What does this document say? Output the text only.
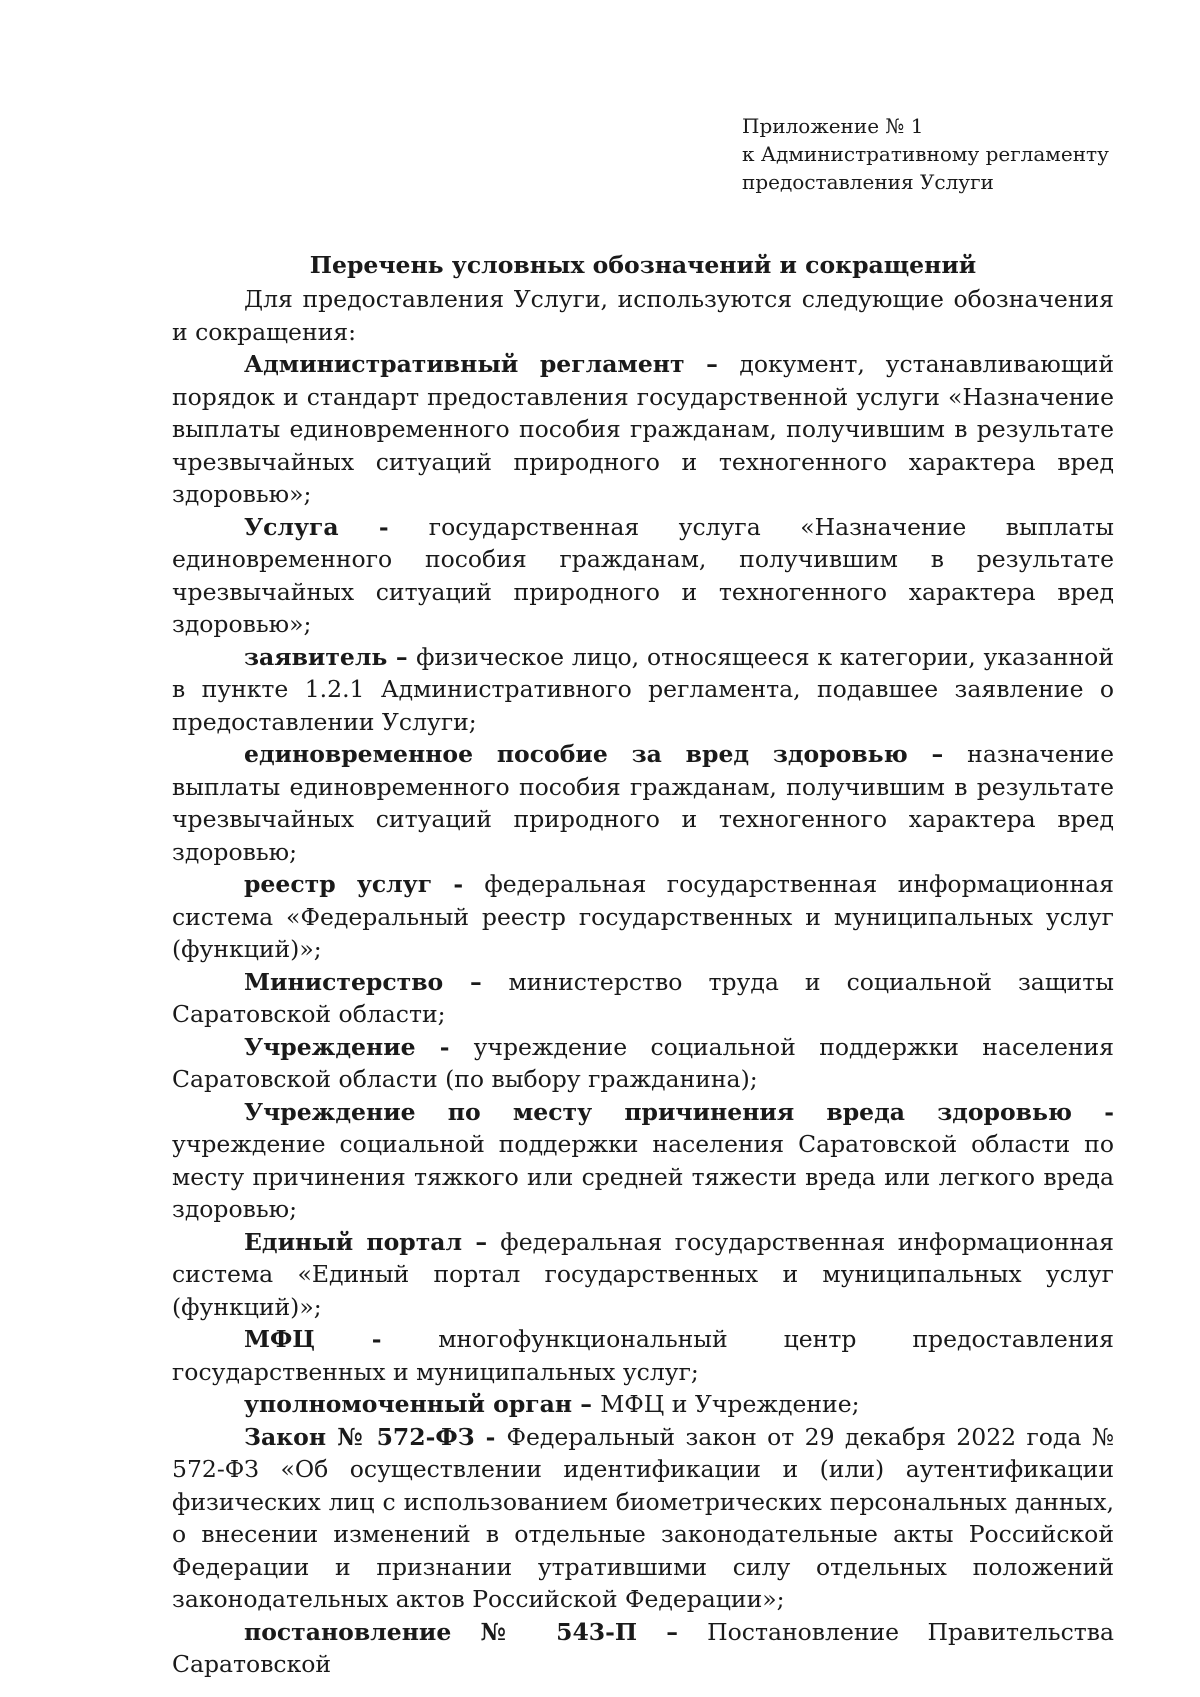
Приложение № 1
к Административному регламенту
предоставления Услуги
Перечень условных обозначений и сокращений

Для предоставления Услуги, используются следующие обозначения и сокращения:

Административный регламент – документ, устанавливающий порядок и стандарт предоставления государственной услуги «Назначение выплаты единовременного пособия гражданам, получившим в результате чрезвычайных ситуаций природного и техногенного характера вред здоровью»;

Услуга - государственная услуга «Назначение выплаты единовременного пособия гражданам, получившим в результате чрезвычайных ситуаций природного и техногенного характера вред здоровью»;

заявитель – физическое лицо, относящееся к категории, указанной в пункте 1.2.1 Административного регламента, подавшее заявление о предоставлении Услуги;

единовременное пособие за вред здоровью – назначение выплаты единовременного пособия гражданам, получившим в результате чрезвычайных ситуаций природного и техногенного характера вред здоровью;

реестр услуг - федеральная государственная информационная система «Федеральный реестр государственных и муниципальных услуг (функций)»;

Министерство – министерство труда и социальной защиты Саратовской области;

Учреждение - учреждение социальной поддержки населения Саратовской области (по выбору гражданина);

Учреждение по месту причинения вреда здоровью - учреждение социальной поддержки населения Саратовской области по месту причинения тяжкого или средней тяжести вреда или легкого вреда здоровью;

Единый портал – федеральная государственная информационная система «Единый портал государственных и муниципальных услуг (функций)»;

МФЦ - многофункциональный центр предоставления государственных и муниципальных услуг;

уполномоченный орган – МФЦ и Учреждение;

Закон № 572-ФЗ - Федеральный закон от 29 декабря 2022 года № 572-ФЗ «Об осуществлении идентификации и (или) аутентификации физических лиц с использованием биометрических персональных данных, о внесении изменений в отдельные законодательные акты Российской Федерации и признании утратившими силу отдельных положений законодательных актов Российской Федерации»;

постановление № 543-П – Постановление Правительства Саратовской
